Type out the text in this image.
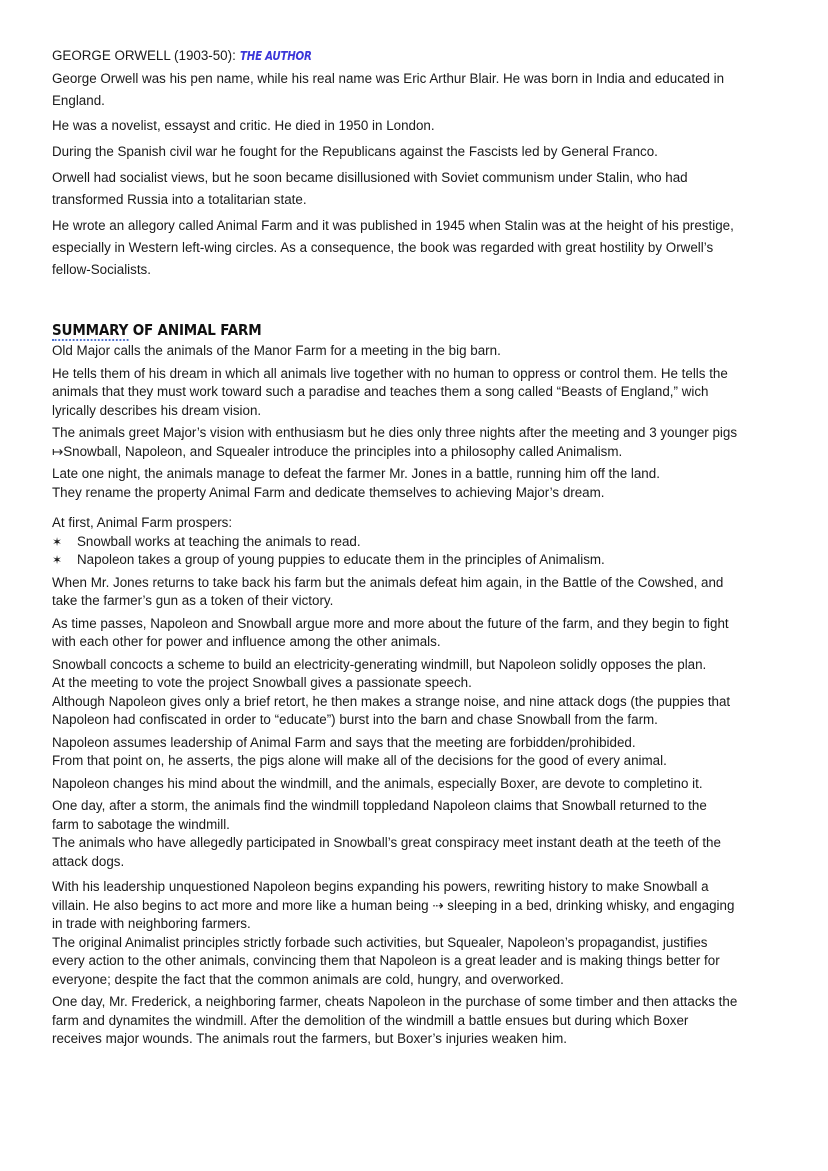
GEORGE ORWELL (1903-50): THE AUTHOR

George Orwell was his pen name, while his real name was Eric Arthur Blair. He was born in India and educated in
England.
He was a novelist, essayst and critic. He died in 1950 in London.
During the Spanish civil war he fought for the Republicans against the Fascists led by General Franco.
Orwell had socialist views, but he soon became disillusioned with Soviet communism under Stalin, who had
transformed Russia into a totalitarian state.
He wrote an allegory called Animal Farm and it was published in 1945 when Stalin was at the height of his prestige,
especially in Western left-wing circles. As a consequence, the book was regarded with great hostility by Orwell’s
fellow-Socialists.
SUMMARY OF ANIMAL FARM
Old Major calls the animals of the Manor Farm for a meeting in the big barn.
He tells them of his dream in which all animals live together with no human to oppress or control them. He tells the
animals that they must work toward such a paradise and teaches them a song called “Beasts of England,” wich
lyrically describes his dream vision.
The animals greet Major’s vision with enthusiasm but he dies only three nights after the meeting and 3 younger pigs
↦Snowball, Napoleon, and Squealer introduce the principles into a philosophy called Animalism.
Late one night, the animals manage to defeat the farmer Mr. Jones in a battle, running him off the land.
They rename the property Animal Farm and dedicate themselves to achieving Major’s dream.
At first, Animal Farm prospers:
✶ Snowball works at teaching the animals to read.
✶ Napoleon takes a group of young puppies to educate them in the principles of Animalism.
When Mr. Jones returns to take back his farm but the animals defeat him again, in the Battle of the Cowshed, and
take the farmer’s gun as a token of their victory.
As time passes, Napoleon and Snowball argue more and more about the future of the farm, and they begin to fight
with each other for power and influence among the other animals.
Snowball concocts a scheme to build an electricity-generating windmill, but Napoleon solidly opposes the plan.
At the meeting to vote the project Snowball gives a passionate speech.
Although Napoleon gives only a brief retort, he then makes a strange noise, and nine attack dogs (the puppies that
Napoleon had confiscated in order to “educate”) burst into the barn and chase Snowball from the farm.
Napoleon assumes leadership of Animal Farm and says that the meeting are forbidden/prohibided.
From that point on, he asserts, the pigs alone will make all of the decisions for the good of every animal.
Napoleon changes his mind about the windmill, and the animals, especially Boxer, are devote to completino it.
One day, after a storm, the animals find the windmill toppledand Napoleon claims that Snowball returned to the
farm to sabotage the windmill.
The animals who have allegedly participated in Snowball’s great conspiracy meet instant death at the teeth of the
attack dogs.
With his leadership unquestioned Napoleon begins expanding his powers, rewriting history to make Snowball a
villain. He also begins to act more and more like a human being ⇢ sleeping in a bed, drinking whisky, and engaging
in trade with neighboring farmers.
The original Animalist principles strictly forbade such activities, but Squealer, Napoleon’s propagandist, justifies
every action to the other animals, convincing them that Napoleon is a great leader and is making things better for
everyone; despite the fact that the common animals are cold, hungry, and overworked.
One day, Mr. Frederick, a neighboring farmer, cheats Napoleon in the purchase of some timber and then attacks the
farm and dynamites the windmill. After the demolition of the windmill a battle ensues but during which Boxer
receives major wounds. The animals rout the farmers, but Boxer’s injuries weaken him.
